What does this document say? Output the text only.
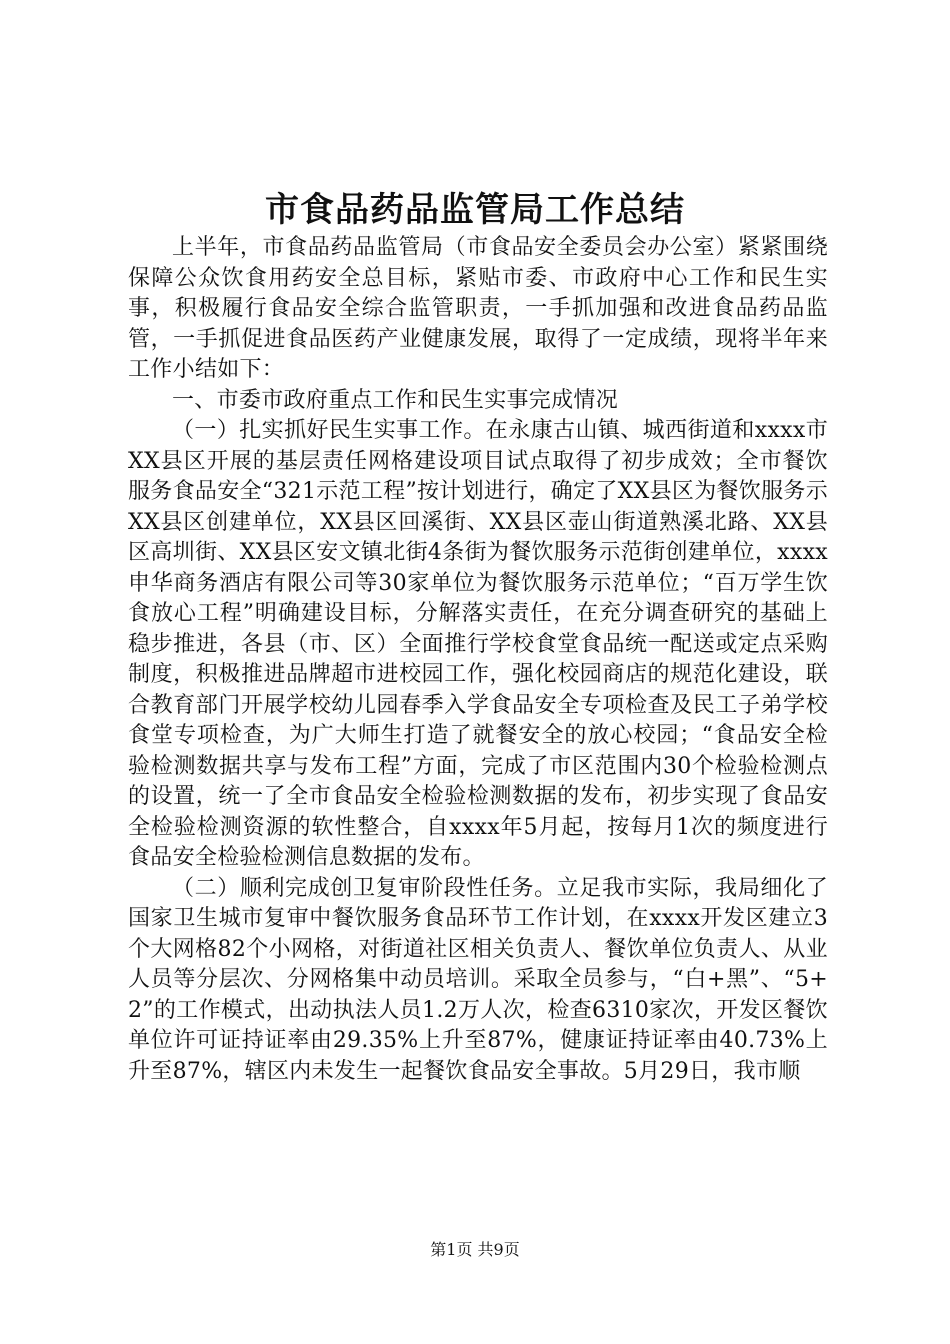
市食品药品监管局工作总结

上半年，市食品药品监管局（市食品安全委员会办公室）紧紧围绕保障公众饮食用药安全总目标，紧贴市委、市政府中心工作和民生实事，积极履行食品安全综合监管职责，一手抓加强和改进食品药品监管，一手抓促进食品医药产业健康发展，取得了一定成绩，现将半年来工作小结如下：

一、市委市政府重点工作和民生实事完成情况

（一）扎实抓好民生实事工作。在永康古山镇、城西街道和xxxx市XX县区开展的基层责任网格建设项目试点取得了初步成效；全市餐饮服务食品安全“321示范工程”按计划进行，确定了XX县区为餐饮服务示XX县区创建单位，XX县区回溪街、XX县区壶山街道熟溪北路、XX县区高圳街、XX县区安文镇北街4条街为餐饮服务示范街创建单位，xxxx申华商务酒店有限公司等30家单位为餐饮服务示范单位；“百万学生饮食放心工程”明确建设目标，分解落实责任，在充分调查研究的基础上稳步推进，各县（市、区）全面推行学校食堂食品统一配送或定点采购制度，积极推进品牌超市进校园工作，强化校园商店的规范化建设，联合教育部门开展学校幼儿园春季入学食品安全专项检查及民工子弟学校食堂专项检查，为广大师生打造了就餐安全的放心校园；“食品安全检验检测数据共享与发布工程”方面，完成了市区范围内30个检验检测点的设置，统一了全市食品安全检验检测数据的发布，初步实现了食品安全检验检测资源的软性整合，自xxxx年5月起，按每月1次的频度进行食品安全检验检测信息数据的发布。

（二）顺利完成创卫复审阶段性任务。立足我市实际，我局细化了国家卫生城市复审中餐饮服务食品环节工作计划，在xxxx开发区建立3个大网格82个小网格，对街道社区相关负责人、餐饮单位负责人、从业人员等分层次、分网格集中动员培训。采取全员参与，“白+黑”、“5+2”的工作模式，出动执法人员1.2万人次，检查6310家次，开发区餐饮单位许可证持证率由29.35%上升至87%，健康证持证率由40.73%上升至87%，辖区内未发生一起餐饮食品安全事故。5月29日，我市顺

第1页 共9页
